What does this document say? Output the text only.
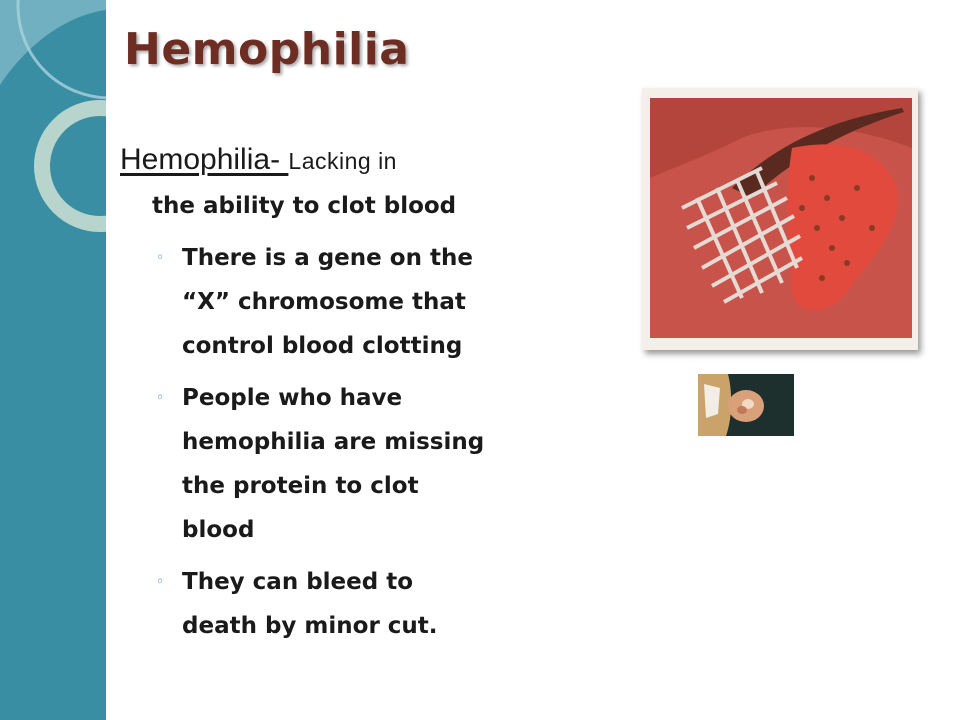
Hemophilia

Hemophilia- Lacking in
the ability to clot blood

◦ There is a gene on the
“X” chromosome that
control blood clotting
◦ People who have
hemophilia are missing
the protein to clot
blood
◦ They can bleed to
death by minor cut.
